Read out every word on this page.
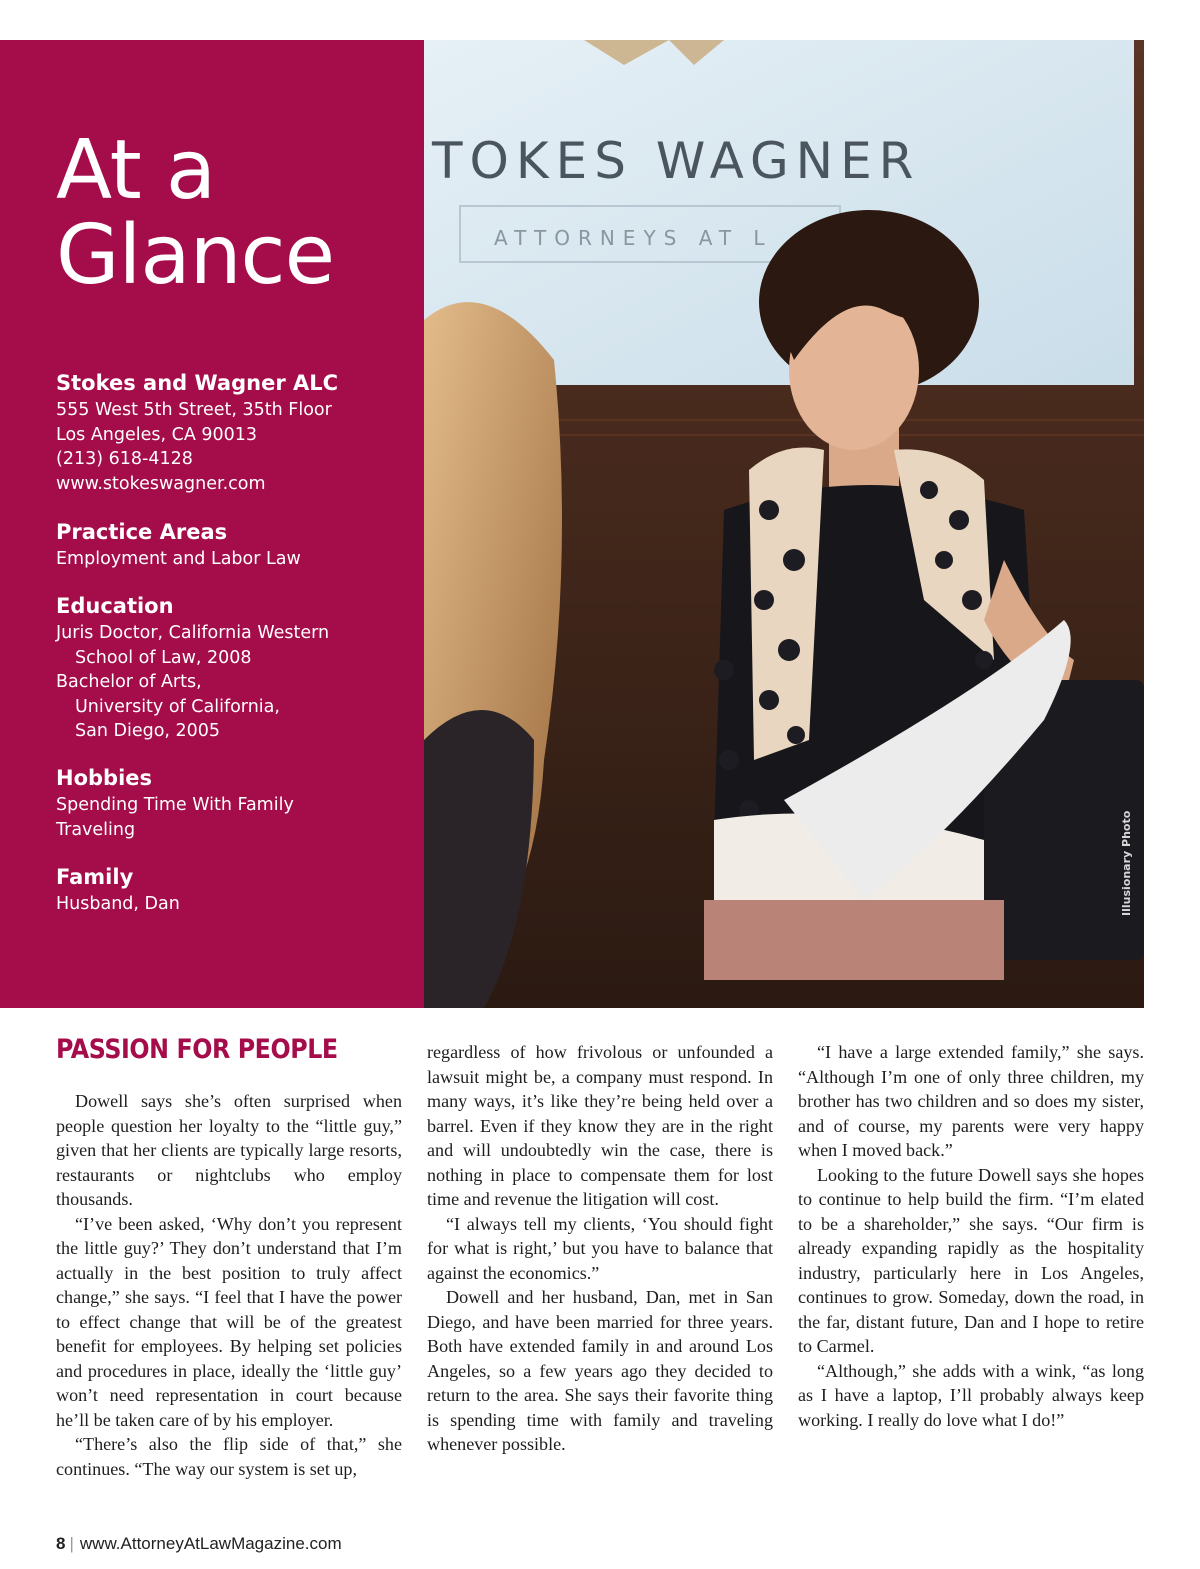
At a
Glance
Stokes and Wagner ALC
555 West 5th Street, 35th Floor
Los Angeles, CA 90013
(213) 618-4128
www.stokeswagner.com
Practice Areas
Employment and Labor Law
Education
Juris Doctor, California Western
School of Law, 2008
Bachelor of Arts,
University of California,
San Diego, 2005
Hobbies
Spending Time With Family
Traveling
Family
Husband, Dan
TOKES WAGNER
ATTORNEYS AT L
Illusionary Photo
PASSION FOR PEOPLE

Dowell says she’s often surprised when people question her loyalty to the “little guy,” given that her clients are typically large resorts, restaurants or nightclubs who employ thousands.

“I’ve been asked, ‘Why don’t you represent the little guy?’ They don’t understand that I’m actually in the best position to truly affect change,” she says. “I feel that I have the power to effect change that will be of the greatest benefit for employees. By helping set policies and procedures in place, ideally the ‘little guy’ won’t need representation in court because he’ll be taken care of by his employer.

“There’s also the flip side of that,” she continues. “The way our system is set up,

regardless of how frivolous or unfounded a lawsuit might be, a company must respond. In many ways, it’s like they’re being held over a barrel. Even if they know they are in the right and will undoubtedly win the case, there is nothing in place to compensate them for lost time and revenue the litigation will cost.

“I always tell my clients, ‘You should fight for what is right,’ but you have to balance that against the economics.”

Dowell and her husband, Dan, met in San Diego, and have been married for three years. Both have extended family in and around Los Angeles, so a few years ago they decided to return to the area. She says their favorite thing is spending time with family and traveling whenever possible.

“I have a large extended family,” she says. “Although I’m one of only three children, my brother has two children and so does my sister, and of course, my parents were very happy when I moved back.”

Looking to the future Dowell says she hopes to continue to help build the firm. “I’m elated to be a shareholder,” she says. “Our firm is already expanding rapidly as the hospitality industry, particularly here in Los Angeles, continues to grow. Someday, down the road, in the far, distant future, Dan and I hope to retire to Carmel.

“Although,” she adds with a wink, “as long as I have a laptop, I’ll probably always keep working. I really do love what I do!”

8 | www.AttorneyAtLawMagazine.com
